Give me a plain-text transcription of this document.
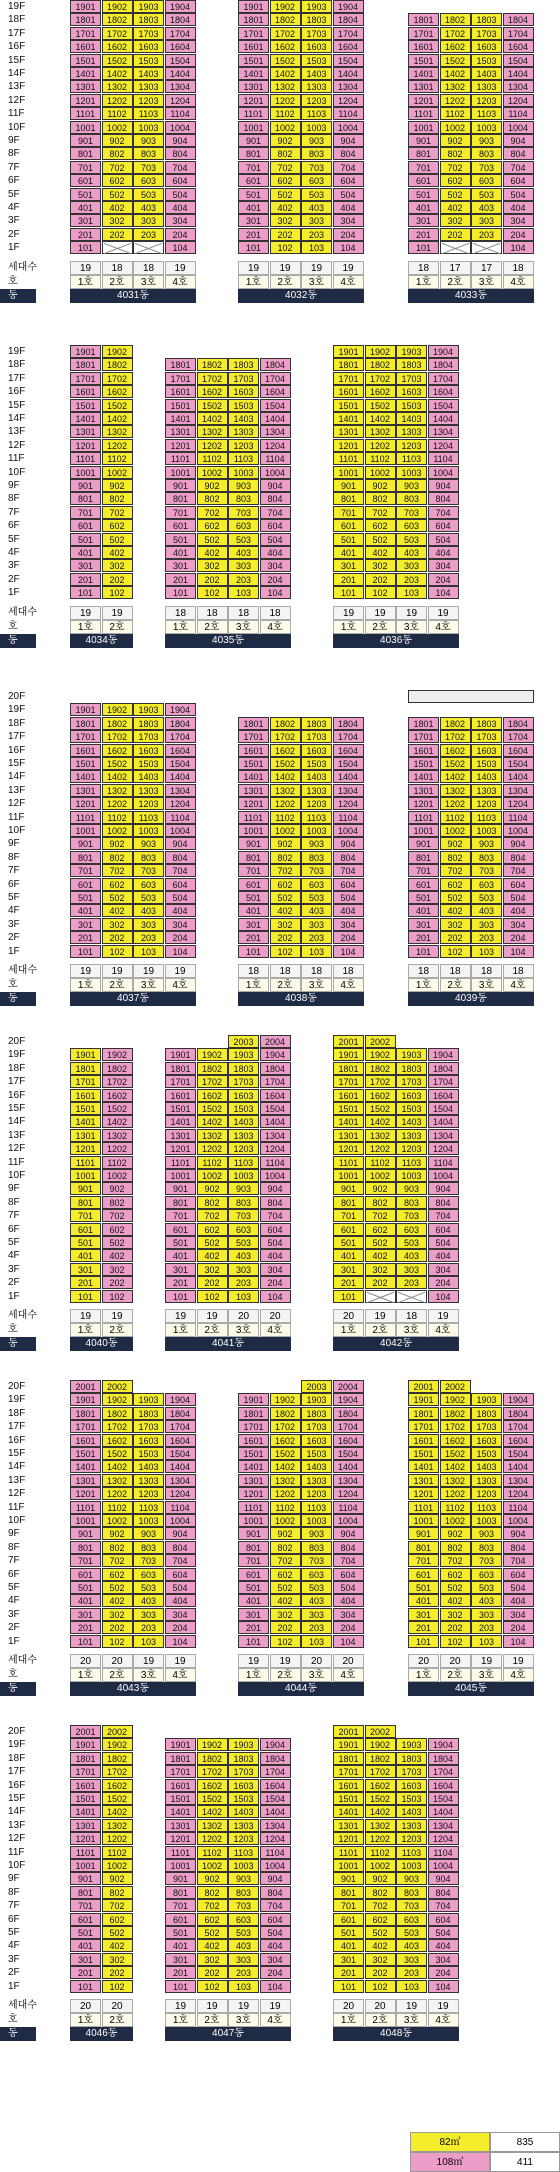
19F
18F
17F
16F
15F
14F
13F
12F
11F
10F
9F
8F
7F
6F
5F
4F
3F
2F
1F
세대수
호
동
1901
1801
1701
1601
1501
1401
1301
1201
1101
1001
901
801
701
601
501
401
301
201
101
1902
1802
1702
1602
1502
1402
1302
1202
1102
1002
902
802
702
602
502
402
302
202
1903
1803
1703
1603
1503
1403
1303
1203
1103
1003
903
803
703
603
503
403
303
203
1904
1804
1704
1604
1504
1404
1304
1204
1104
1004
904
804
704
604
504
404
304
204
104
19
1호
18
2호
18
3호
19
4호
4031동
1901
1801
1701
1601
1501
1401
1301
1201
1101
1001
901
801
701
601
501
401
301
201
101
1902
1802
1702
1602
1502
1402
1302
1202
1102
1002
902
802
702
602
502
402
302
202
102
1903
1803
1703
1603
1503
1403
1303
1203
1103
1003
903
803
703
603
503
403
303
203
103
1904
1804
1704
1604
1504
1404
1304
1204
1104
1004
904
804
704
604
504
404
304
204
104
19
1호
19
2호
19
3호
19
4호
4032동
1801
1701
1601
1501
1401
1301
1201
1101
1001
901
801
701
601
501
401
301
201
101
1802
1702
1602
1502
1402
1302
1202
1102
1002
902
802
702
602
502
402
302
202
1803
1703
1603
1503
1403
1303
1203
1103
1003
903
803
703
603
503
403
303
203
1804
1704
1604
1504
1404
1304
1204
1104
1004
904
804
704
604
504
404
304
204
104
18
1호
17
2호
17
3호
18
4호
4033동
19F
18F
17F
16F
15F
14F
13F
12F
11F
10F
9F
8F
7F
6F
5F
4F
3F
2F
1F
세대수
호
동
1901
1801
1701
1601
1501
1401
1301
1201
1101
1001
901
801
701
601
501
401
301
201
101
1902
1802
1702
1602
1502
1402
1302
1202
1102
1002
902
802
702
602
502
402
302
202
102
19
1호
19
2호
4034동
1801
1701
1601
1501
1401
1301
1201
1101
1001
901
801
701
601
501
401
301
201
101
1802
1702
1602
1502
1402
1302
1202
1102
1002
902
802
702
602
502
402
302
202
102
1803
1703
1603
1503
1403
1303
1203
1103
1003
903
803
703
603
503
403
303
203
103
1804
1704
1604
1504
1404
1304
1204
1104
1004
904
804
704
604
504
404
304
204
104
18
1호
18
2호
18
3호
18
4호
4035동
1901
1801
1701
1601
1501
1401
1301
1201
1101
1001
901
801
701
601
501
401
301
201
101
1902
1802
1702
1602
1502
1402
1302
1202
1102
1002
902
802
702
602
502
402
302
202
102
1903
1803
1703
1603
1503
1403
1303
1203
1103
1003
903
803
703
603
503
403
303
203
103
1904
1804
1704
1604
1504
1404
1304
1204
1104
1004
904
804
704
604
504
404
304
204
104
19
1호
19
2호
19
3호
19
4호
4036동
20F
19F
18F
17F
16F
15F
14F
13F
12F
11F
10F
9F
8F
7F
6F
5F
4F
3F
2F
1F
세대수
호
동
1901
1801
1701
1601
1501
1401
1301
1201
1101
1001
901
801
701
601
501
401
301
201
101
1902
1802
1702
1602
1502
1402
1302
1202
1102
1002
902
802
702
602
502
402
302
202
102
1903
1803
1703
1603
1503
1403
1303
1203
1103
1003
903
803
703
603
503
403
303
203
103
1904
1804
1704
1604
1504
1404
1304
1204
1104
1004
904
804
704
604
504
404
304
204
104
19
1호
19
2호
19
3호
19
4호
4037동
1801
1701
1601
1501
1401
1301
1201
1101
1001
901
801
701
601
501
401
301
201
101
1802
1702
1602
1502
1402
1302
1202
1102
1002
902
802
702
602
502
402
302
202
102
1803
1703
1603
1503
1403
1303
1203
1103
1003
903
803
703
603
503
403
303
203
103
1804
1704
1604
1504
1404
1304
1204
1104
1004
904
804
704
604
504
404
304
204
104
18
1호
18
2호
18
3호
18
4호
4038동
1801
1701
1601
1501
1401
1301
1201
1101
1001
901
801
701
601
501
401
301
201
101
1802
1702
1602
1502
1402
1302
1202
1102
1002
902
802
702
602
502
402
302
202
102
1803
1703
1603
1503
1403
1303
1203
1103
1003
903
803
703
603
503
403
303
203
103
1804
1704
1604
1504
1404
1304
1204
1104
1004
904
804
704
604
504
404
304
204
104
18
1호
18
2호
18
3호
18
4호
4039동
20F
19F
18F
17F
16F
15F
14F
13F
12F
11F
10F
9F
8F
7F
6F
5F
4F
3F
2F
1F
세대수
호
동
1901
1801
1701
1601
1501
1401
1301
1201
1101
1001
901
801
701
601
501
401
301
201
101
1902
1802
1702
1602
1502
1402
1302
1202
1102
1002
902
802
702
602
502
402
302
202
102
19
1호
19
2호
4040동
1901
1801
1701
1601
1501
1401
1301
1201
1101
1001
901
801
701
601
501
401
301
201
101
1902
1802
1702
1602
1502
1402
1302
1202
1102
1002
902
802
702
602
502
402
302
202
102
2003
1903
1803
1703
1603
1503
1403
1303
1203
1103
1003
903
803
703
603
503
403
303
203
103
2004
1904
1804
1704
1604
1504
1404
1304
1204
1104
1004
904
804
704
604
504
404
304
204
104
19
1호
19
2호
20
3호
20
4호
4041동
2001
1901
1801
1701
1601
1501
1401
1301
1201
1101
1001
901
801
701
601
501
401
301
201
101
2002
1902
1802
1702
1602
1502
1402
1302
1202
1102
1002
902
802
702
602
502
402
302
202
1903
1803
1703
1603
1503
1403
1303
1203
1103
1003
903
803
703
603
503
403
303
203
1904
1804
1704
1604
1504
1404
1304
1204
1104
1004
904
804
704
604
504
404
304
204
104
20
1호
19
2호
18
3호
19
4호
4042동
20F
19F
18F
17F
16F
15F
14F
13F
12F
11F
10F
9F
8F
7F
6F
5F
4F
3F
2F
1F
세대수
호
동
2001
1901
1801
1701
1601
1501
1401
1301
1201
1101
1001
901
801
701
601
501
401
301
201
101
2002
1902
1802
1702
1602
1502
1402
1302
1202
1102
1002
902
802
702
602
502
402
302
202
102
1903
1803
1703
1603
1503
1403
1303
1203
1103
1003
903
803
703
603
503
403
303
203
103
1904
1804
1704
1604
1504
1404
1304
1204
1104
1004
904
804
704
604
504
404
304
204
104
20
1호
20
2호
19
3호
19
4호
4043동
1901
1801
1701
1601
1501
1401
1301
1201
1101
1001
901
801
701
601
501
401
301
201
101
1902
1802
1702
1602
1502
1402
1302
1202
1102
1002
902
802
702
602
502
402
302
202
102
2003
1903
1803
1703
1603
1503
1403
1303
1203
1103
1003
903
803
703
603
503
403
303
203
103
2004
1904
1804
1704
1604
1504
1404
1304
1204
1104
1004
904
804
704
604
504
404
304
204
104
19
1호
19
2호
20
3호
20
4호
4044동
2001
1901
1801
1701
1601
1501
1401
1301
1201
1101
1001
901
801
701
601
501
401
301
201
101
2002
1902
1802
1702
1602
1502
1402
1302
1202
1102
1002
902
802
702
602
502
402
302
202
102
1903
1803
1703
1603
1503
1403
1303
1203
1103
1003
903
803
703
603
503
403
303
203
103
1904
1804
1704
1604
1504
1404
1304
1204
1104
1004
904
804
704
604
504
404
304
204
104
20
1호
20
2호
19
3호
19
4호
4045동
20F
19F
18F
17F
16F
15F
14F
13F
12F
11F
10F
9F
8F
7F
6F
5F
4F
3F
2F
1F
세대수
호
동
2001
1901
1801
1701
1601
1501
1401
1301
1201
1101
1001
901
801
701
601
501
401
301
201
101
2002
1902
1802
1702
1602
1502
1402
1302
1202
1102
1002
902
802
702
602
502
402
302
202
102
20
1호
20
2호
4046동
1901
1801
1701
1601
1501
1401
1301
1201
1101
1001
901
801
701
601
501
401
301
201
101
1902
1802
1702
1602
1502
1402
1302
1202
1102
1002
902
802
702
602
502
402
302
202
102
1903
1803
1703
1603
1503
1403
1303
1203
1103
1003
903
803
703
603
503
403
303
203
103
1904
1804
1704
1604
1504
1404
1304
1204
1104
1004
904
804
704
604
504
404
304
204
104
19
1호
19
2호
19
3호
19
4호
4047동
2001
1901
1801
1701
1601
1501
1401
1301
1201
1101
1001
901
801
701
601
501
401
301
201
101
2002
1902
1802
1702
1602
1502
1402
1302
1202
1102
1002
902
802
702
602
502
402
302
202
102
1903
1803
1703
1603
1503
1403
1303
1203
1103
1003
903
803
703
603
503
403
303
203
103
1904
1804
1704
1604
1504
1404
1304
1204
1104
1004
904
804
704
604
504
404
304
204
104
20
1호
20
2호
19
3호
19
4호
4048동
82㎡	835
108㎡	411
